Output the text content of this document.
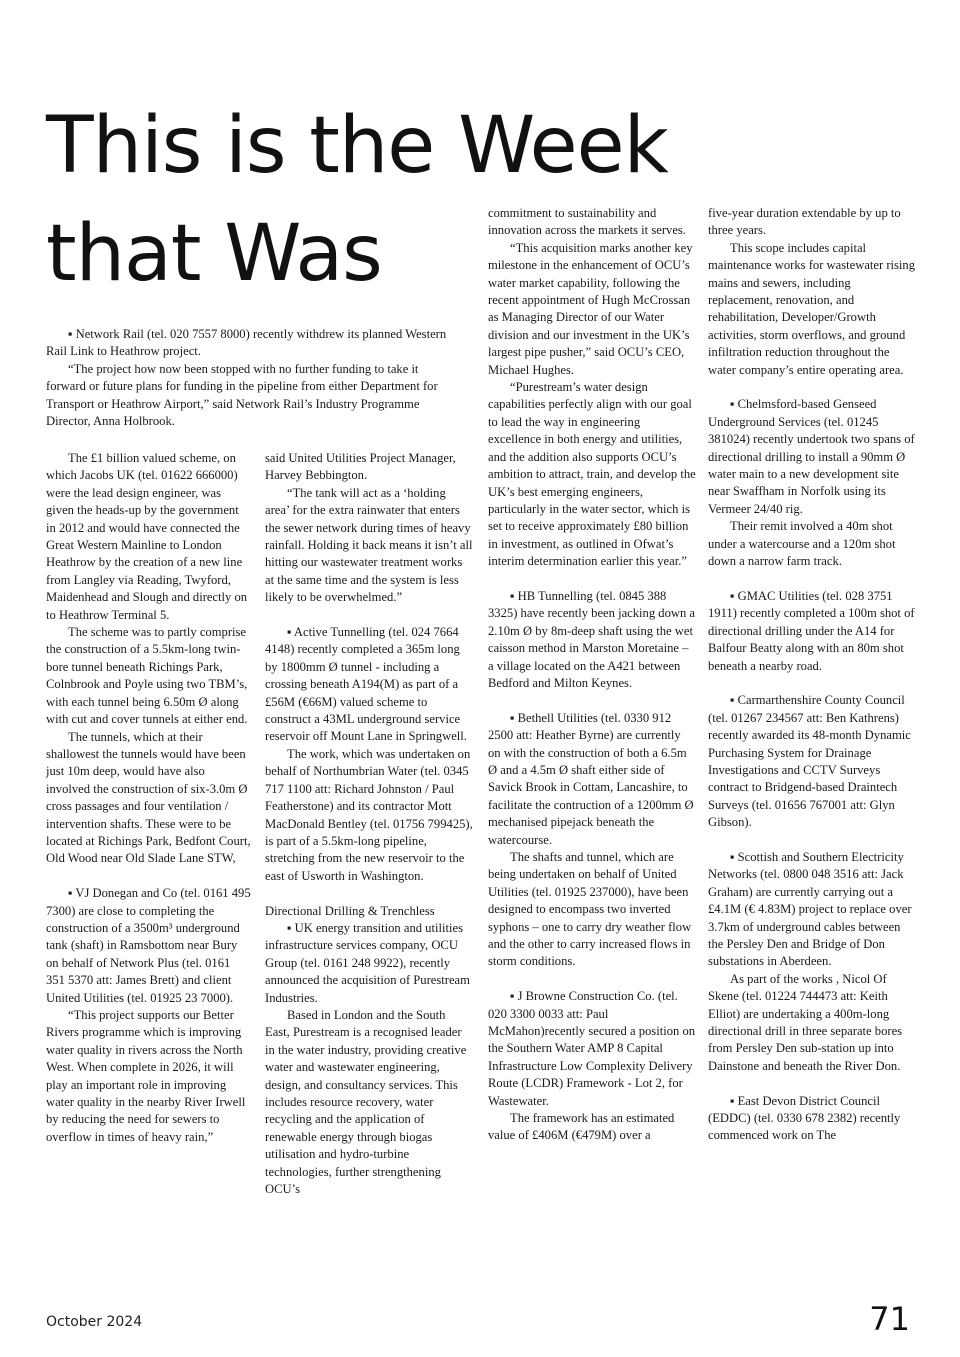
This is the Week
that Was

▪ Network Rail (tel. 020 7557 8000) recently withdrew its planned Western Rail Link to Heathrow project.

“The project how now been stopped with no further funding to take it forward or future plans for funding in the pipeline from either Department for Transport or Heathrow Airport,” said Network Rail’s Industry Programme Director, Anna Holbrook.

The £1 billion valued scheme, on which Jacobs UK (tel. 01622 666000) were the lead design engineer, was given the heads-up by the government in 2012 and would have connected the Great Western Mainline to London Heathrow by the creation of a new line from Langley via Reading, Twyford, Maidenhead and Slough and directly on to Heathrow Terminal 5.

The scheme was to partly comprise the construction of a 5.5km-long twin-bore tunnel beneath Richings Park, Colnbrook and Poyle using two TBM’s, with each tunnel being 6.50m Ø along with cut and cover tunnels at either end.

The tunnels, which at their shallowest the tunnels would have been just 10m deep, would have also involved the construction of six-3.0m Ø cross passages and four ventilation / intervention shafts. These were to be located at Richings Park, Bedfont Court, Old Wood near Old Slade Lane STW,

▪ VJ Donegan and Co (tel. 0161 495 7300) are close to completing the construction of a 3500m³ underground tank (shaft) in Ramsbottom near Bury on behalf of Network Plus (tel. 0161 351 5370 att: James Brett) and client United Utilities (tel. 01925 23 7000).

“This project supports our Better Rivers programme which is improving water quality in rivers across the North West. When complete in 2026, it will play an important role in improving water quality in the nearby River Irwell by reducing the need for sewers to overflow in times of heavy rain,”

said United Utilities Project Manager, Harvey Bebbington.

“The tank will act as a ‘holding area’ for the extra rainwater that enters the sewer network during times of heavy rainfall. Holding it back means it isn’t all hitting our wastewater treatment works at the same time and the system is less likely to be overwhelmed.”

▪ Active Tunnelling (tel. 024 7664 4148) recently completed a 365m long by 1800mm Ø tunnel - including a crossing beneath A194(M) as part of a £56M (€66M) valued scheme to construct a 43ML underground service reservoir off Mount Lane in Springwell.

The work, which was undertaken on behalf of Northumbrian Water (tel. 0345 717 1100 att: Richard Johnston / Paul Featherstone) and its contractor Mott MacDonald Bentley (tel. 01756 799425), is part of a 5.5km-long pipeline, stretching from the new reservoir to the east of Usworth in Washington.

Directional Drilling & Trenchless

▪ UK energy transition and utilities infrastructure services company, OCU Group (tel. 0161 248 9922), recently announced the acquisition of Purestream Industries.

Based in London and the South East, Purestream is a recognised leader in the water industry, providing creative water and wastewater engineering, design, and consultancy services. This includes resource recovery, water recycling and the application of renewable energy through biogas utilisation and hydro-turbine technologies, further strengthening OCU’s

commitment to sustainability and innovation across the markets it serves.

“This acquisition marks another key milestone in the enhancement of OCU’s water market capability, following the recent appointment of Hugh McCrossan as Managing Director of our Water division and our investment in the UK’s largest pipe pusher,” said OCU’s CEO, Michael Hughes.

“Purestream’s water design capabilities perfectly align with our goal to lead the way in engineering excellence in both energy and utilities, and the addition also supports OCU’s ambition to attract, train, and develop the UK’s best emerging engineers, particularly in the water sector, which is set to receive approximately £80 billion in investment, as outlined in Ofwat’s interim determination earlier this year.”

▪ HB Tunnelling (tel. 0845 388 3325) have recently been jacking down a 2.10m Ø by 8m-deep shaft using the wet caisson method in Marston Moretaine – a village located on the A421 between Bedford and Milton Keynes.

▪ Bethell Utilities (tel. 0330 912 2500 att: Heather Byrne) are currently on with the construction of both a 6.5m Ø and a 4.5m Ø shaft either side of Savick Brook in Cottam, Lancashire, to facilitate the contruction of a 1200mm Ø mechanised pipejack beneath the watercourse.

The shafts and tunnel, which are being undertaken on behalf of United Utilities (tel. 01925 237000), have been designed to encompass two inverted syphons – one to carry dry weather flow and the other to carry increased flows in storm conditions.

▪ J Browne Construction Co. (tel. 020 3300 0033 att: Paul McMahon)recently secured a position on the Southern Water AMP 8 Capital Infrastructure Low Complexity Delivery Route (LCDR) Framework - Lot 2, for Wastewater.

The framework has an estimated value of £406M (€479M) over a

five-year duration extendable by up to three years.

This scope includes capital maintenance works for wastewater rising mains and sewers, including replacement, renovation, and rehabilitation, Developer/Growth activities, storm overflows, and ground infiltration reduction throughout the water company’s entire operating area.

▪ Chelmsford-based Genseed Underground Services (tel. 01245 381024) recently undertook two spans of directional drilling to install a 90mm Ø water main to a new development site near Swaffham in Norfolk using its Vermeer 24/40 rig.

Their remit involved a 40m shot under a watercourse and a 120m shot down a narrow farm track.

▪ GMAC Utilities (tel. 028 3751 1911) recently completed a 100m shot of directional drilling under the A14 for Balfour Beatty along with an 80m shot beneath a nearby road.

▪ Carmarthenshire County Council (tel. 01267 234567 att: Ben Kathrens) recently awarded its 48-month Dynamic Purchasing System for Drainage Investigations and CCTV Surveys contract to Bridgend-based Draintech Surveys (tel. 01656 767001 att: Glyn Gibson).

▪ Scottish and Southern Electricity Networks (tel. 0800 048 3516 att: Jack Graham) are currently carrying out a £4.1M (€ 4.83M) project to replace over 3.7km of underground cables between the Persley Den and Bridge of Don substations in Aberdeen.

As part of the works , Nicol Of Skene (tel. 01224 744473 att: Keith Elliot) are undertaking a 400m-long directional drill in three separate bores from Persley Den sub-station up into Dainstone and beneath the River Don.

▪ East Devon District Council (EDDC) (tel. 0330 678 2382) recently commenced work on The

October 2024	71
